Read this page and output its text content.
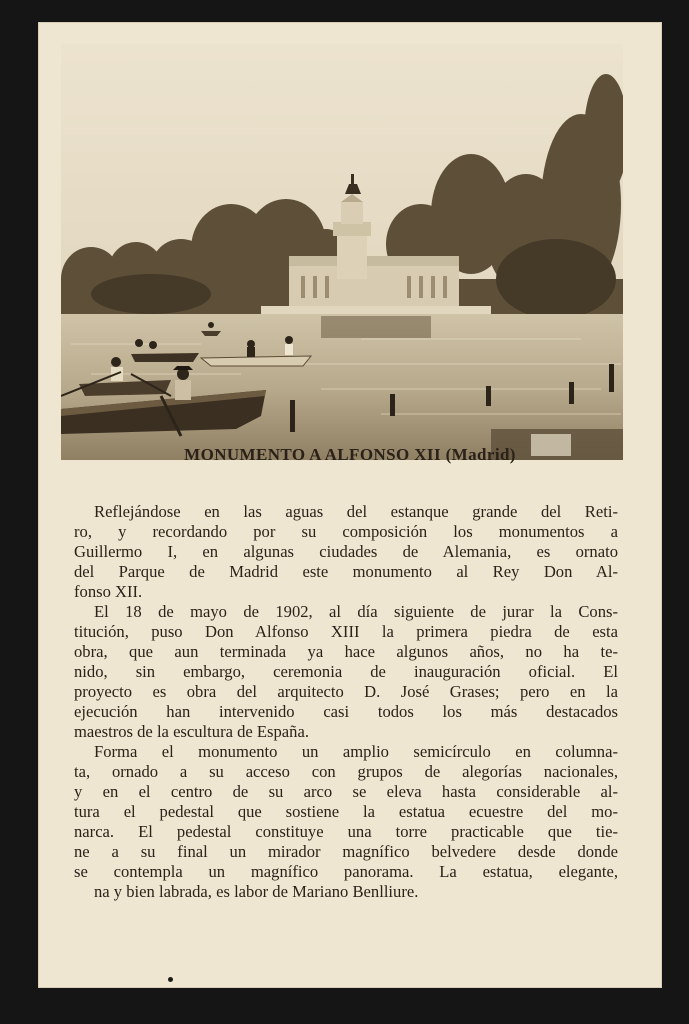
MONUMENTO A ALFONSO XII (Madrid)
Reflejándose en las aguas del estanque grande del Reti-
ro, y recordando por su composición los monumentos a
Guillermo I, en algunas ciudades de Alemania, es ornato
del Parque de Madrid este monumento al Rey Don Al-
fonso XII.
El 18 de mayo de 1902, al día siguiente de jurar la Cons-
titución, puso Don Alfonso XIII la primera piedra de esta
obra, que aun terminada ya hace algunos años, no ha te-
nido, sin embargo, ceremonia de inauguración oficial. El
proyecto es obra del arquitecto D. José Grases; pero en la
ejecución han intervenido casi todos los más destacados
maestros de la escultura de España.
Forma el monumento un amplio semicírculo en columna-
ta, ornado a su acceso con grupos de alegorías nacionales,
y en el centro de su arco se eleva hasta considerable al-
tura el pedestal que sostiene la estatua ecuestre del mo-
narca. El pedestal constituye una torre practicable que tie-
ne a su final un mirador magnífico belvedere desde donde
se contempla un magnífico panorama. La estatua, elegante,
na y bien labrada, es labor de Mariano Benlliure.
